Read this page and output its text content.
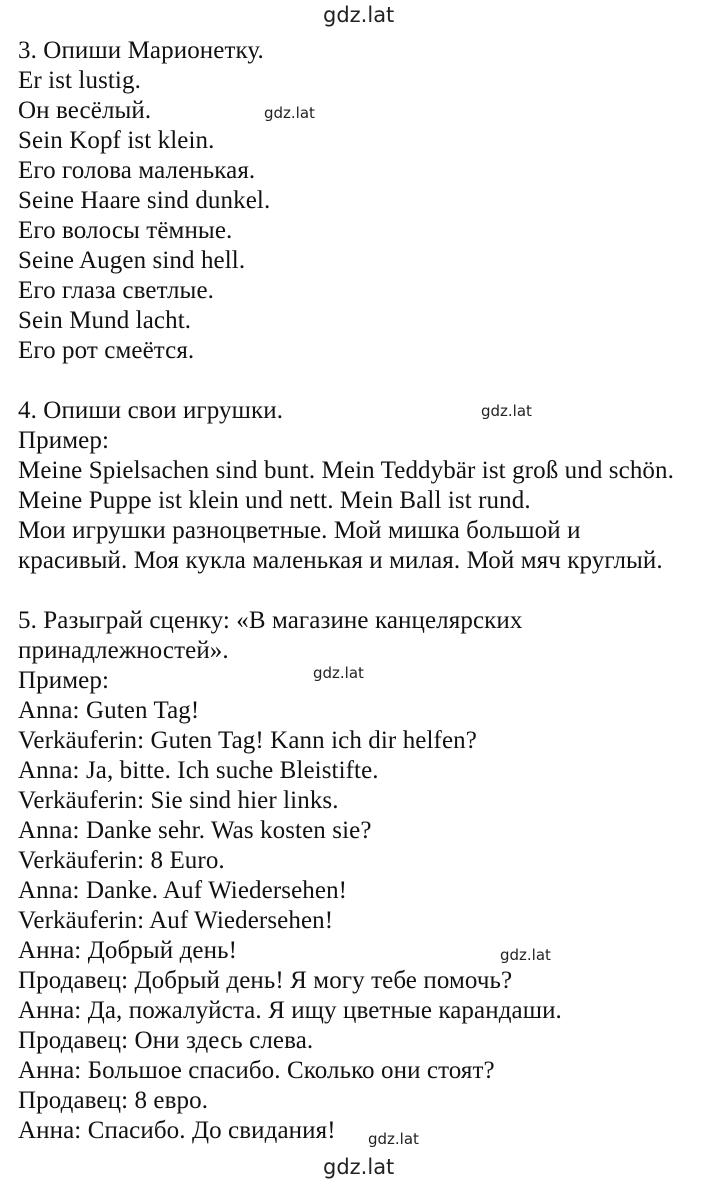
gdz.lat
gdz.lat
gdz.lat
gdz.lat
gdz.lat
gdz.lat
gdz.lat
3. Опиши Марионетку.
Er ist lustig.
Он весёлый.
Sein Kopf ist klein.
Его голова маленькая.
Seine Haare sind dunkel.
Его волосы тёмные.
Seine Augen sind hell.
Его глаза светлые.
Sein Mund lacht.
Его рот смеётся.
4. Опиши свои игрушки.
Пример:
Meine Spielsachen sind bunt. Mein Teddybär ist groß und schön.
Meine Puppe ist klein und nett. Mein Ball ist rund.
Мои игрушки разноцветные. Мой мишка большой и
красивый. Моя кукла маленькая и милая. Мой мяч круглый.
5. Разыграй сценку: «В магазине канцелярских
принадлежностей».
Пример:
Anna: Guten Tag!
Verkäuferin: Guten Tag! Kann ich dir helfen?
Anna: Ja, bitte. Ich suche Bleistifte.
Verkäuferin: Sie sind hier links.
Anna: Danke sehr. Was kosten sie?
Verkäuferin: 8 Euro.
Anna: Danke. Auf Wiedersehen!
Verkäuferin: Auf Wiedersehen!
Анна: Добрый день!
Продавец: Добрый день! Я могу тебе помочь?
Анна: Да, пожалуйста. Я ищу цветные карандаши.
Продавец: Они здесь слева.
Анна: Большое спасибо. Сколько они стоят?
Продавец: 8 евро.
Анна: Спасибо. До свидания!
